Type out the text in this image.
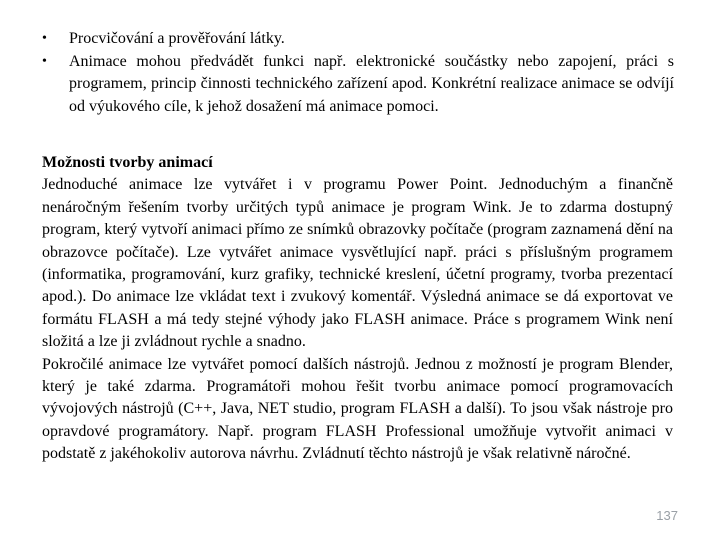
• Procvičování a prověřování látky.
• Animace mohou předvádět funkci např. elektronické součástky nebo zapojení, práci s programem, princip činnosti technického zařízení apod. Konkrétní realizace animace se odvíjí od výukového cíle, k jehož dosažení má animace pomoci.
Možnosti tvorby animací

Jednoduché animace lze vytvářet i v programu Power Point. Jednoduchým a finančně nenáročným řešením tvorby určitých typů animace je program Wink. Je to zdarma dostupný program, který vytvoří animaci přímo ze snímků obrazovky počítače (program zaznamená dění na obrazovce počítače). Lze vytvářet animace vysvětlující např. práci s příslušným programem (informatika, programování, kurz grafiky, technické kreslení, účetní programy, tvorba prezentací apod.). Do animace lze vkládat text i zvukový komentář. Výsledná animace se dá exportovat ve formátu FLASH a má tedy stejné výhody jako FLASH animace. Práce s programem Wink není složitá a lze ji zvládnout rychle a snadno.

Pokročilé animace lze vytvářet pomocí dalších nástrojů. Jednou z možností je program Blender, který je také zdarma. Programátoři mohou řešit tvorbu animace pomocí programovacích vývojových nástrojů (C++, Java, NET studio, program FLASH a další). To jsou však nástroje pro opravdové programátory. Např. program FLASH Professional umožňuje vytvořit animaci v podstatě z jakéhokoliv autorova návrhu. Zvládnutí těchto nástrojů je však relativně náročné.

137
